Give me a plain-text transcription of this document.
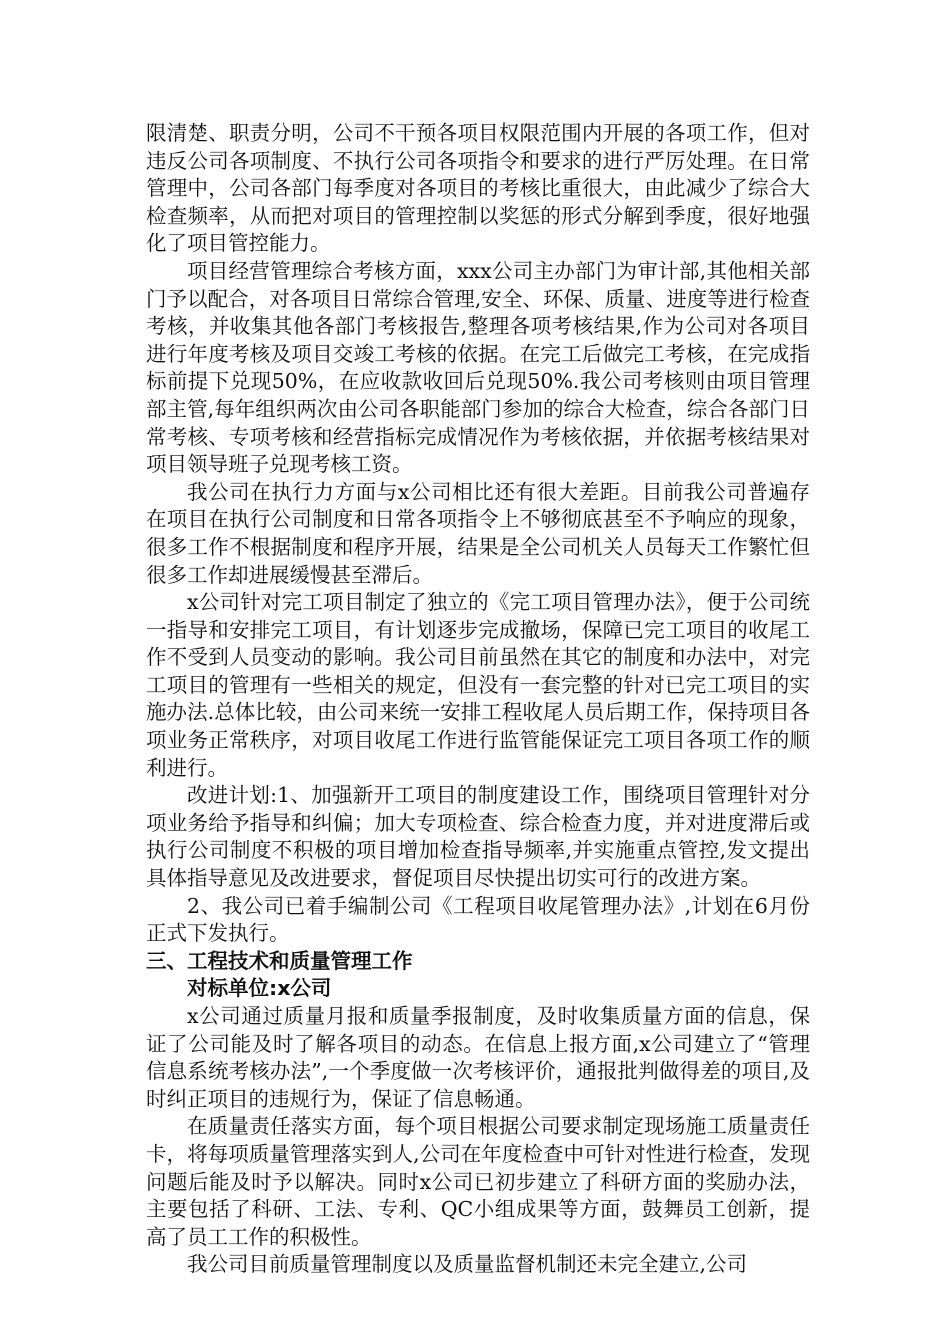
限清楚、职责分明，公司不干预各项目权限范围内开展的各项工作，但对违反公司各项制度、不执行公司各项指令和要求的进行严厉处理。在日常管理中，公司各部门每季度对各项目的考核比重很大，由此减少了综合大检查频率，从而把对项目的管理控制以奖惩的形式分解到季度，很好地强化了项目管控能力。

项目经营管理综合考核方面，xxx公司主办部门为审计部,其他相关部门予以配合，对各项目日常综合管理,安全、环保、质量、进度等进行检查考核，并收集其他各部门考核报告,整理各项考核结果,作为公司对各项目进行年度考核及项目交竣工考核的依据。在完工后做完工考核，在完成指标前提下兑现50%，在应收款收回后兑现50%.我公司考核则由项目管理部主管,每年组织两次由公司各职能部门参加的综合大检查，综合各部门日常考核、专项考核和经营指标完成情况作为考核依据，并依据考核结果对项目领导班子兑现考核工资。

我公司在执行力方面与x公司相比还有很大差距。目前我公司普遍存在项目在执行公司制度和日常各项指令上不够彻底甚至不予响应的现象，很多工作不根据制度和程序开展，结果是全公司机关人员每天工作繁忙但很多工作却进展缓慢甚至滞后。

x公司针对完工项目制定了独立的《完工项目管理办法》，便于公司统一指导和安排完工项目，有计划逐步完成撤场，保障已完工项目的收尾工作不受到人员变动的影响。我公司目前虽然在其它的制度和办法中，对完工项目的管理有一些相关的规定，但没有一套完整的针对已完工项目的实施办法.总体比较，由公司来统一安排工程收尾人员后期工作，保持项目各项业务正常秩序，对项目收尾工作进行监管能保证完工项目各项工作的顺利进行。

改进计划:1、加强新开工项目的制度建设工作，围绕项目管理针对分项业务给予指导和纠偏；加大专项检查、综合检查力度，并对进度滞后或执行公司制度不积极的项目增加检查指导频率,并实施重点管控,发文提出具体指导意见及改进要求，督促项目尽快提出切实可行的改进方案。

2、我公司已着手编制公司《工程项目收尾管理办法》,计划在6月份正式下发执行。

三、工程技术和质量管理工作

对标单位:x公司

x公司通过质量月报和质量季报制度，及时收集质量方面的信息，保证了公司能及时了解各项目的动态。在信息上报方面,x公司建立了“管理信息系统考核办法”,一个季度做一次考核评价，通报批判做得差的项目,及时纠正项目的违规行为，保证了信息畅通。

在质量责任落实方面，每个项目根据公司要求制定现场施工质量责任卡，将每项质量管理落实到人,公司在年度检查中可针对性进行检查，发现问题后能及时予以解决。同时x公司已初步建立了科研方面的奖励办法，主要包括了科研、工法、专利、QC小组成果等方面，鼓舞员工创新，提高了员工工作的积极性。

我公司目前质量管理制度以及质量监督机制还未完全建立,公司
